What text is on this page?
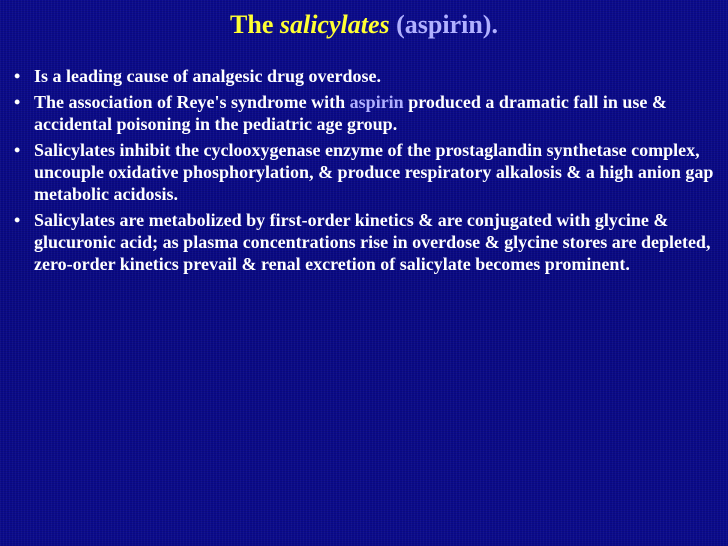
The salicylates (aspirin).
• Is a leading cause of analgesic drug overdose.
• The association of Reye's syndrome with aspirin produced a dramatic fall in use & accidental poisoning in the pediatric age group.
• Salicylates inhibit the cyclooxygenase enzyme of the prostaglandin synthetase complex, uncouple oxidative phosphorylation, & produce respiratory alkalosis & a high anion gap metabolic acidosis.
• Salicylates are metabolized by first-order kinetics & are conjugated with glycine & glucuronic acid; as plasma concentrations rise in overdose & glycine stores are depleted, zero-order kinetics prevail & renal excretion of salicylate becomes prominent.
